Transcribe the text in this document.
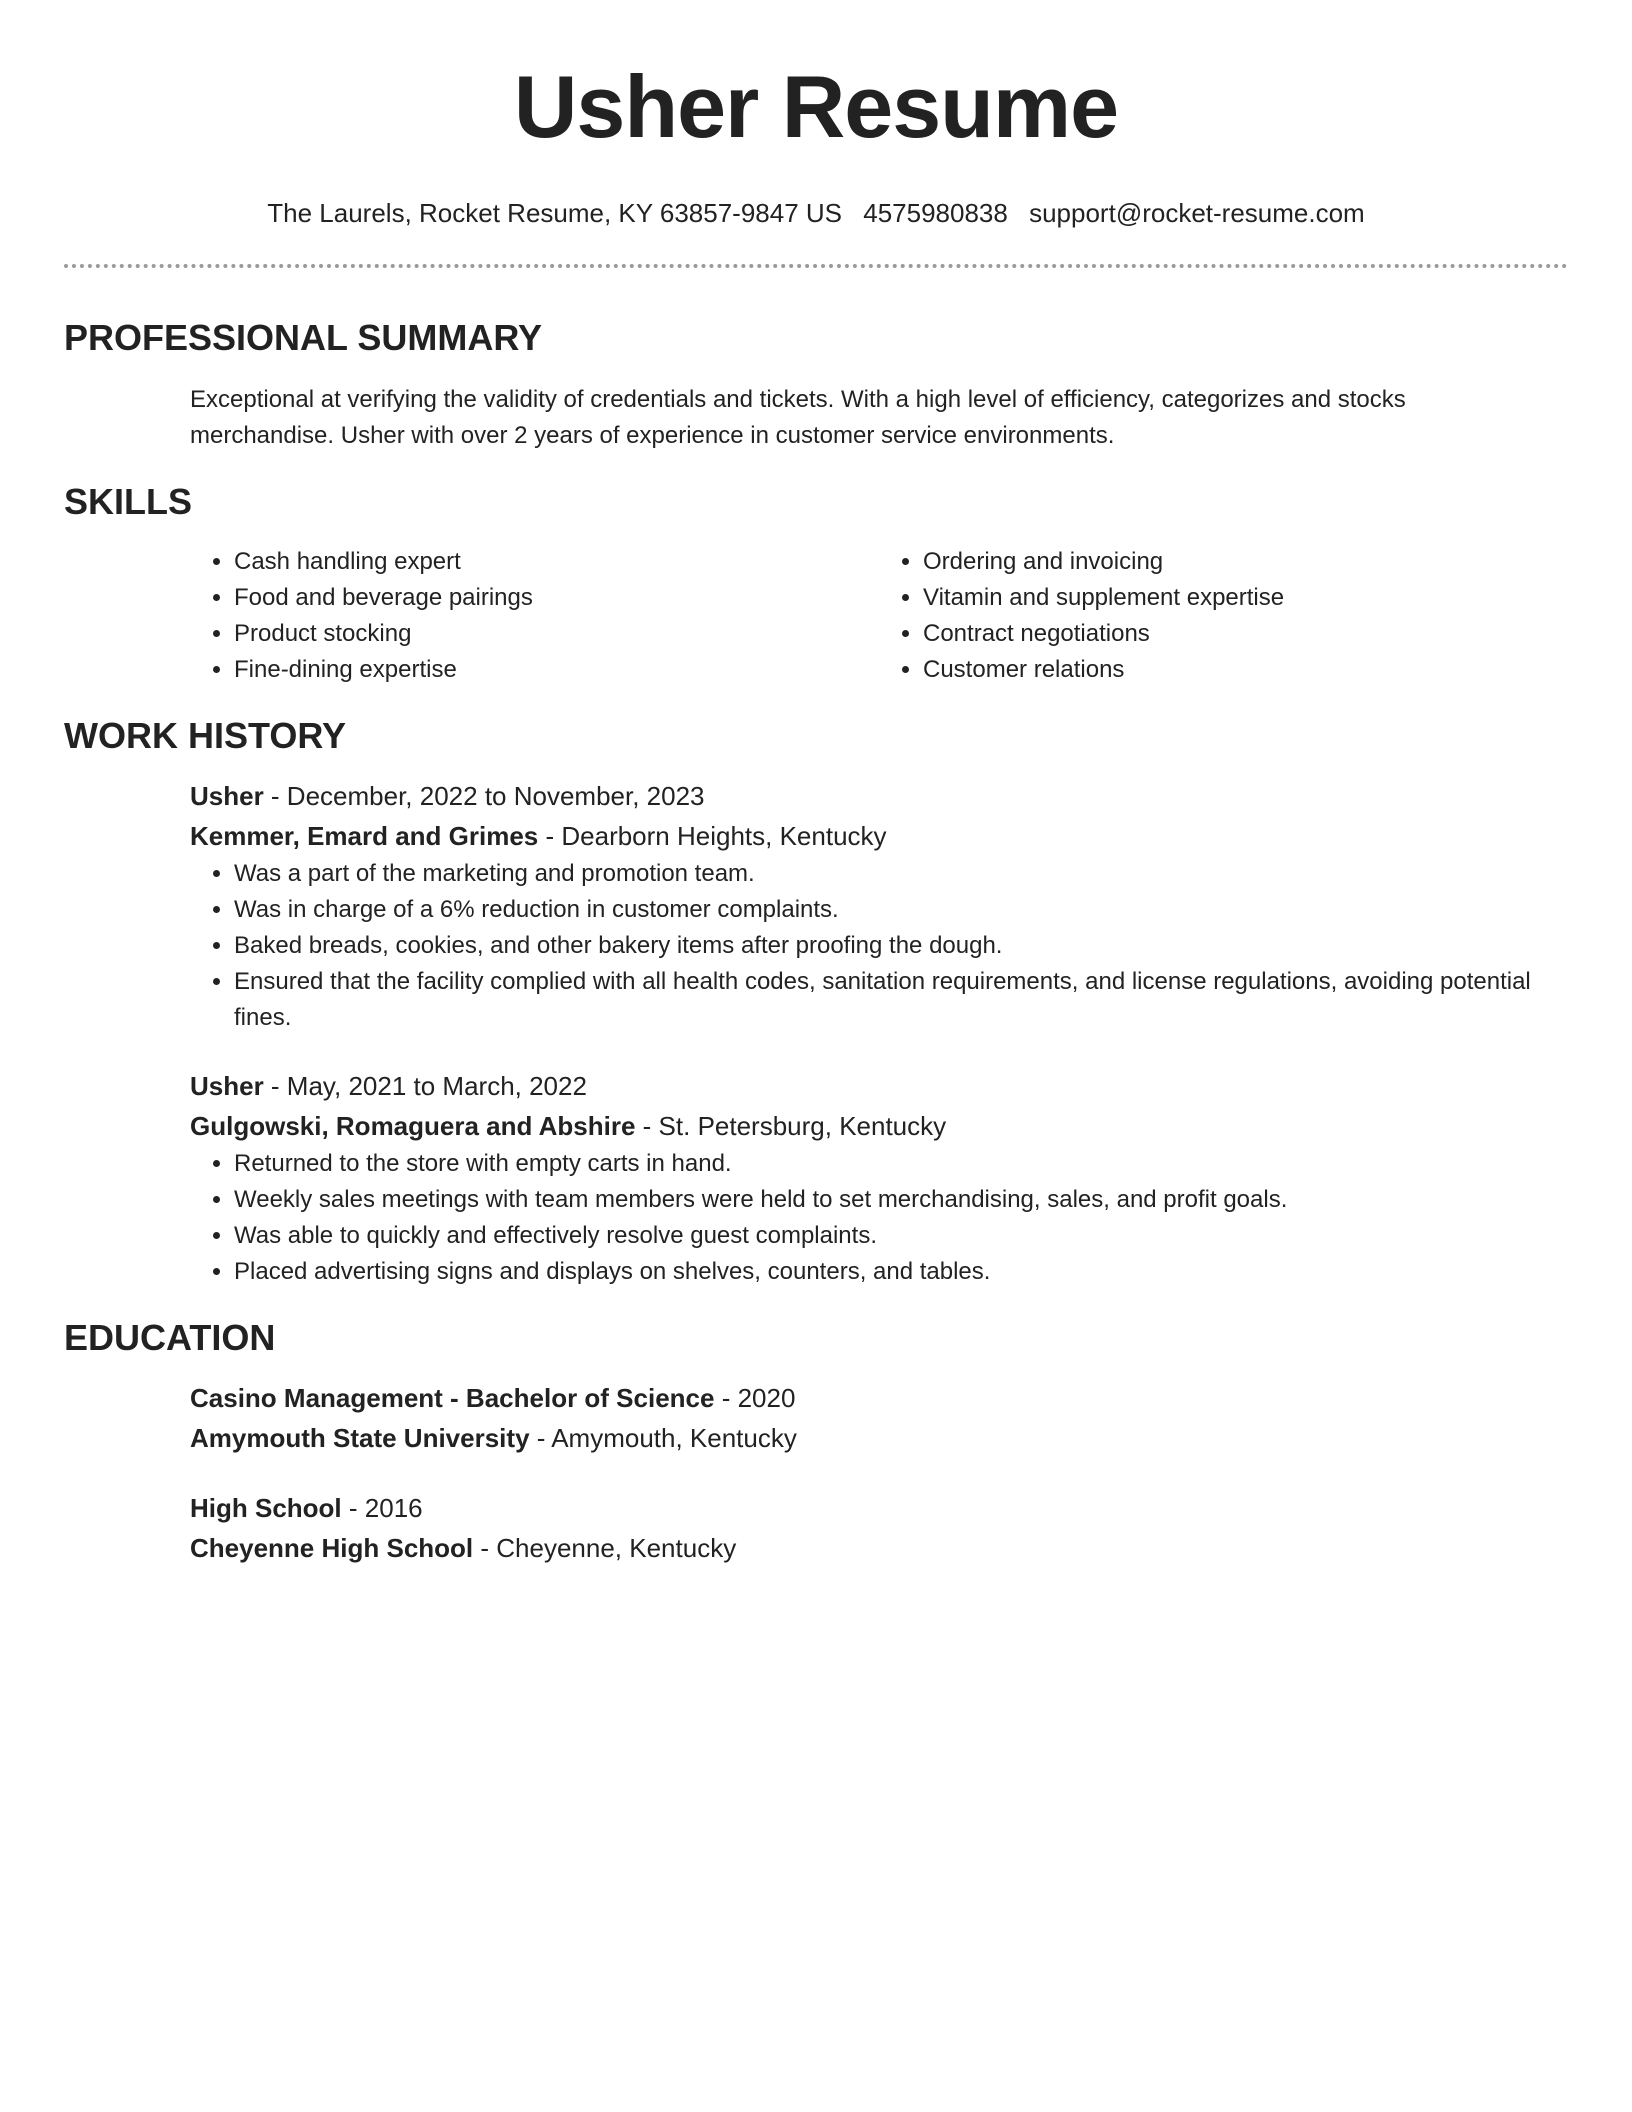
Usher Resume
The Laurels, Rocket Resume, KY 63857-9847 US 4575980838 support@rocket-resume.com
PROFESSIONAL SUMMARY
Exceptional at verifying the validity of credentials and tickets. With a high level of efficiency, categorizes and stocks merchandise. Usher with over 2 years of experience in customer service environments.
SKILLS
• Cash handling expert
• Food and beverage pairings
• Product stocking
• Fine-dining expertise
• Ordering and invoicing
• Vitamin and supplement expertise
• Contract negotiations
• Customer relations
WORK HISTORY
Usher - December, 2022 to November, 2023
Kemmer, Emard and Grimes - Dearborn Heights, Kentucky
• Was a part of the marketing and promotion team.
• Was in charge of a 6% reduction in customer complaints.
• Baked breads, cookies, and other bakery items after proofing the dough.
• Ensured that the facility complied with all health codes, sanitation requirements, and license regulations, avoiding potential fines.
Usher - May, 2021 to March, 2022
Gulgowski, Romaguera and Abshire - St. Petersburg, Kentucky
• Returned to the store with empty carts in hand.
• Weekly sales meetings with team members were held to set merchandising, sales, and profit goals.
• Was able to quickly and effectively resolve guest complaints.
• Placed advertising signs and displays on shelves, counters, and tables.
EDUCATION
Casino Management - Bachelor of Science - 2020
Amymouth State University - Amymouth, Kentucky
High School - 2016
Cheyenne High School - Cheyenne, Kentucky
